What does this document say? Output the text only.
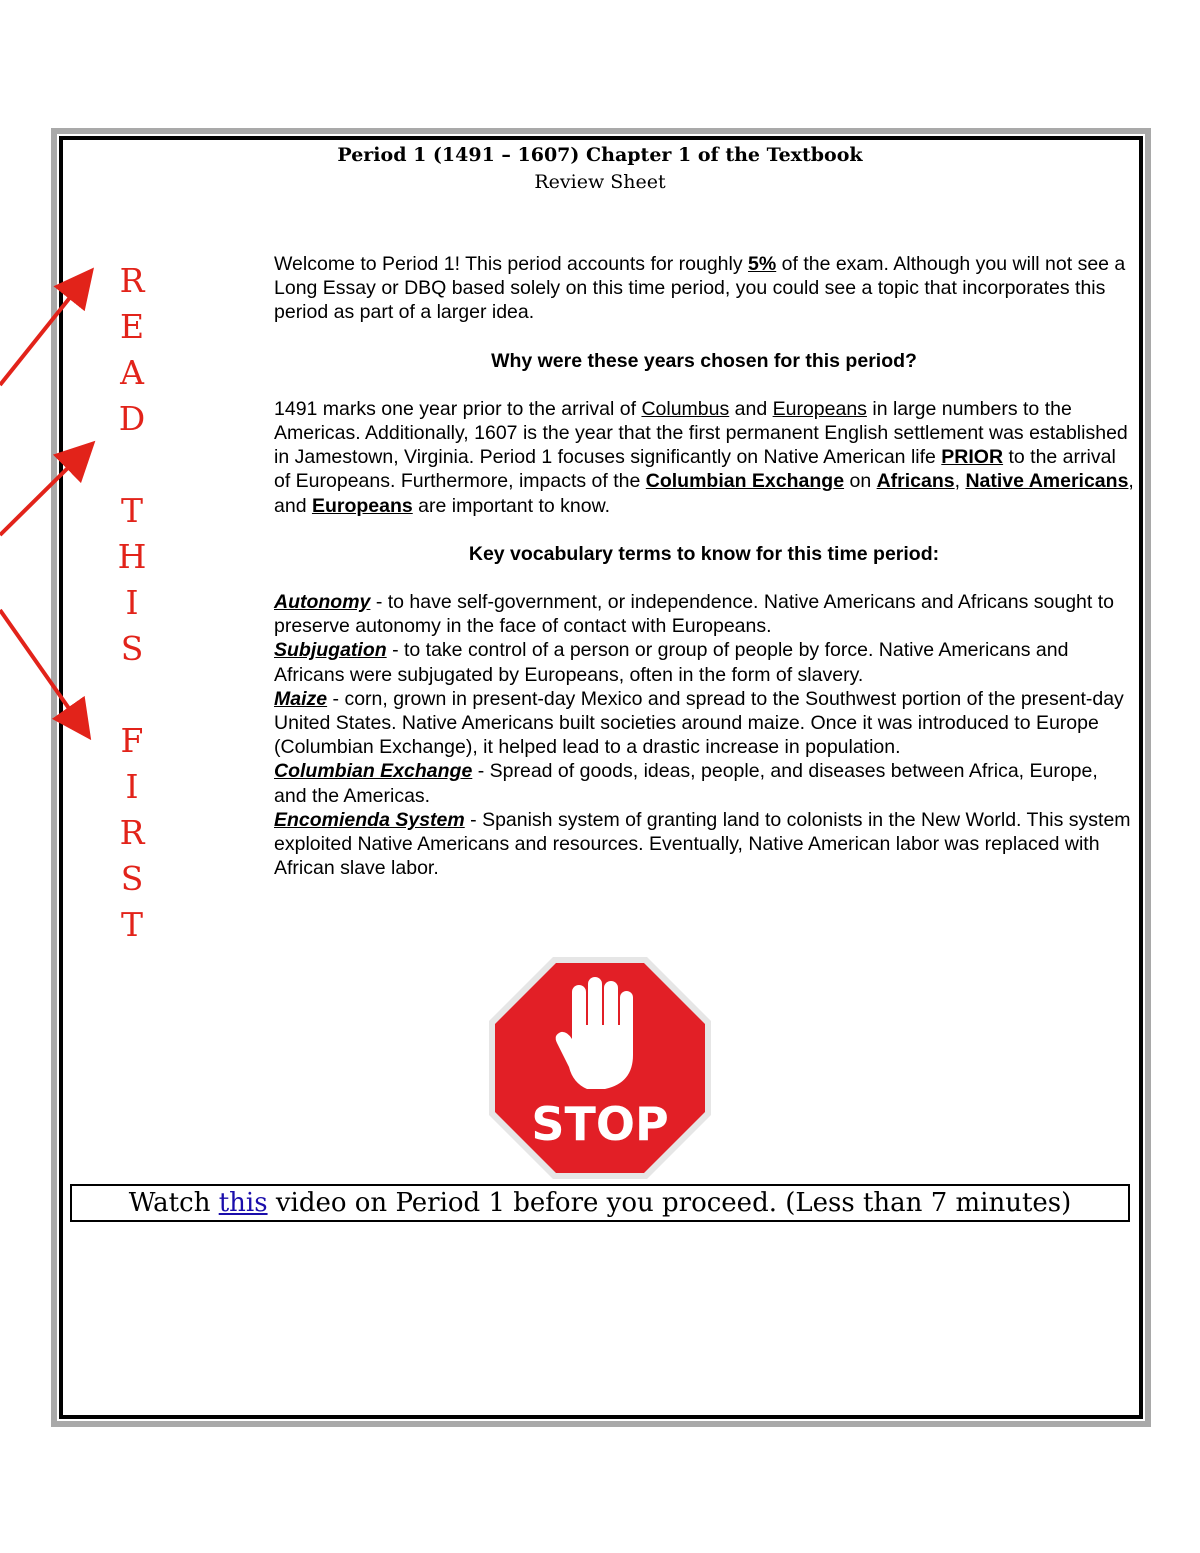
Period 1 (1491 – 1607) Chapter 1 of the Textbook
Review Sheet
R
E
A
D
T
H
I
S
F
I
R
S
T

Welcome to Period 1! This period accounts for roughly 5% of the exam. Although you will not see a Long Essay or DBQ based solely on this time period, you could see a topic that incorporates this period as part of a larger idea.

Why were these years chosen for this period?

1491 marks one year prior to the arrival of Columbus and Europeans in large numbers to the Americas. Additionally, 1607 is the year that the first permanent English settlement was established in Jamestown, Virginia. Period 1 focuses significantly on Native American life PRIOR to the arrival of Europeans. Furthermore, impacts of the Columbian Exchange on Africans, Native Americans, and Europeans are important to know.

Key vocabulary terms to know for this time period:

Autonomy - to have self-government, or independence. Native Americans and Africans sought to preserve autonomy in the face of contact with Europeans.

Subjugation - to take control of a person or group of people by force. Native Americans and Africans were subjugated by Europeans, often in the form of slavery.

Maize - corn, grown in present-day Mexico and spread to the Southwest portion of the present-day United States. Native Americans built societies around maize. Once it was introduced to Europe (Columbian Exchange), it helped lead to a drastic increase in population.

Columbian Exchange - Spread of goods, ideas, people, and diseases between Africa, Europe, and the Americas.

Encomienda System - Spanish system of granting land to colonists in the New World. This system exploited Native Americans and resources. Eventually, Native American labor was replaced with African slave labor.

STOP
Watch this video on Period 1 before you proceed. (Less than 7 minutes)
